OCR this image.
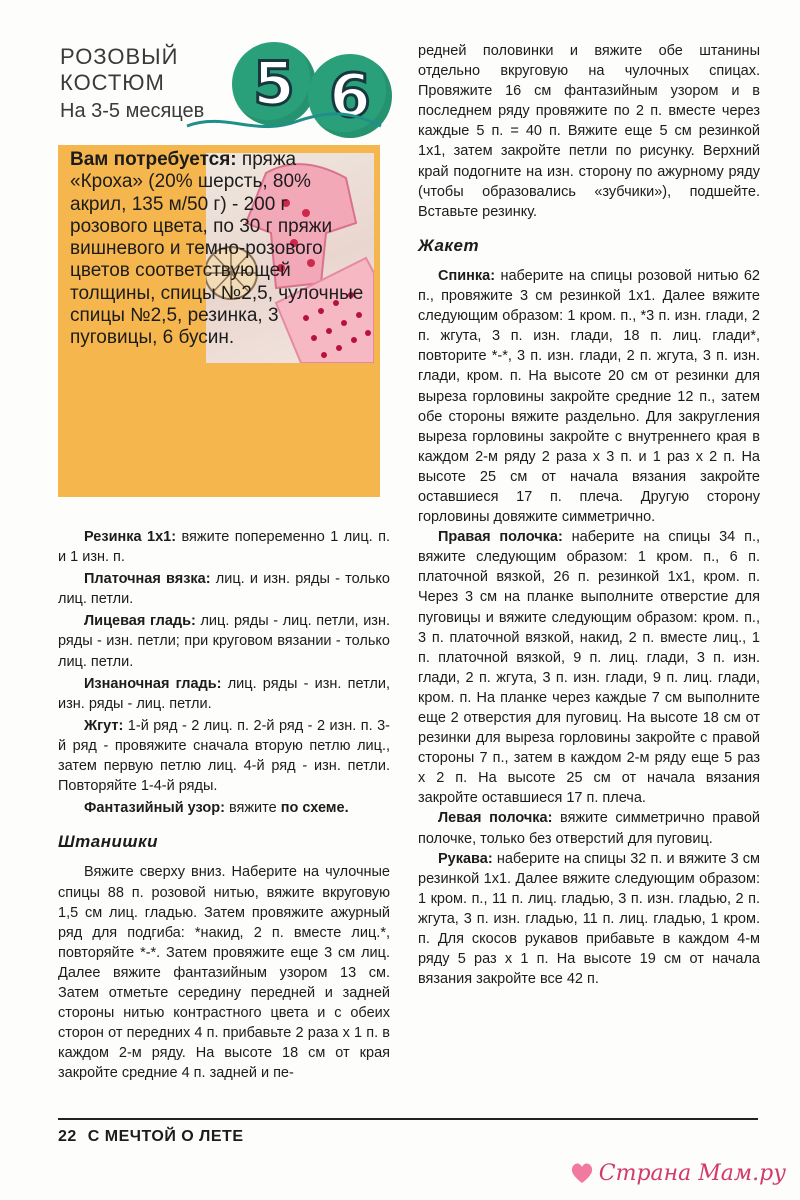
РОЗОВЫЙ
КОСТЮМ
На 3-5 месяцев 5 6
Вам потребуется: пряжа «Кроха» (20% шерсть, 80% акрил, 135 м/50 г) - 200 г розового цвета, по 30 г пряжи вишневого и темно-розового цветов соответствующей толщины, спицы №2,5, чулочные спицы №2,5, резинка, 3 пуговицы, 6 бусин.

Резинка 1х1: вяжите попеременно 1 лиц. п. и 1 изн. п.

Платочная вязка: лиц. и изн. ряды - только лиц. петли.

Лицевая гладь: лиц. ряды - лиц. петли, изн. ряды - изн. петли; при круговом вязании - только лиц. петли.

Изнаночная гладь: лиц. ряды - изн. петли, изн. ряды - лиц. петли.

Жгут: 1-й ряд - 2 лиц. п. 2-й ряд - 2 изн. п. 3-й ряд - провяжите сначала вторую петлю лиц., затем первую петлю лиц. 4-й ряд - изн. петли. Повторяйте 1-4-й ряды.

Фантазийный узор: вяжите по схеме.

Штанишки

Вяжите сверху вниз. Наберите на чулочные спицы 88 п. розовой нитью, вяжите вкруговую 1,5 см лиц. гладью. Затем провяжите ажурный ряд для подгиба: *накид, 2 п. вместе лиц.*, повторяйте *-*. Затем провяжите еще 3 см лиц. Далее вяжите фантазийным узором 13 см. Затем отметьте середину передней и задней стороны нитью контрастного цвета и с обеих сторон от передних 4 п. прибавьте 2 раза х 1 п. в каждом 2-м ряду. На высоте 18 см от края закройте средние 4 п. задней и пе-

редней половинки и вяжите обе штанины отдельно вкруговую на чулочных спицах. Провяжите 16 см фантазийным узором и в последнем ряду провяжите по 2 п. вместе через каждые 5 п. = 40 п. Вяжите еще 5 см резинкой 1х1, затем закройте петли по рисунку. Верхний край подогните на изн. сторону по ажурному ряду (чтобы образовались «зубчики»), подшейте. Вставьте резинку.

Жакет

Спинка: наберите на спицы розовой нитью 62 п., провяжите 3 см резинкой 1х1. Далее вяжите следующим образом: 1 кром. п., *3 п. изн. глади, 2 п. жгута, 3 п. изн. глади, 18 п. лиц. глади*, повторите *-*, 3 п. изн. глади, 2 п. жгута, 3 п. изн. глади, кром. п. На высоте 20 см от резинки для выреза горловины закройте средние 12 п., затем обе стороны вяжите раздельно. Для закругления выреза горловины закройте с внутреннего края в каждом 2-м ряду 2 раза х 3 п. и 1 раз х 2 п. На высоте 25 см от начала вязания закройте оставшиеся 17 п. плеча. Другую сторону горловины довяжите симметрично.

Правая полочка: наберите на спицы 34 п., вяжите следующим образом: 1 кром. п., 6 п. платочной вязкой, 26 п. резинкой 1х1, кром. п. Через 3 см на планке выполните отверстие для пуговицы и вяжите следующим образом: кром. п., 3 п. платочной вязкой, накид, 2 п. вместе лиц., 1 п. платочной вязкой, 9 п. лиц. глади, 3 п. изн. глади, 2 п. жгута, 3 п. изн. глади, 9 п. лиц. глади, кром. п. На планке через каждые 7 см выполните еще 2 отверстия для пуговиц. На высоте 18 см от резинки для выреза горловины закройте с правой стороны 7 п., затем в каждом 2-м ряду еще 5 раз х 2 п. На высоте 25 см от начала вязания закройте оставшиеся 17 п. плеча.

Левая полочка: вяжите симметрично правой полочке, только без отверстий для пуговиц.

Рукава: наберите на спицы 32 п. и вяжите 3 см резинкой 1х1. Далее вяжите следующим образом: 1 кром. п., 11 п. лиц. гладью, 3 п. изн. гладью, 2 п. жгута, 3 п. изн. гладью, 11 п. лиц. гладью, 1 кром. п. Для скосов рукавов прибавьте в каждом 4-м ряду 5 раз х 1 п. На высоте 19 см от начала вязания закройте все 42 п.

22 С МЕЧТОЙ О ЛЕТЕ
Страна Мам.ру
